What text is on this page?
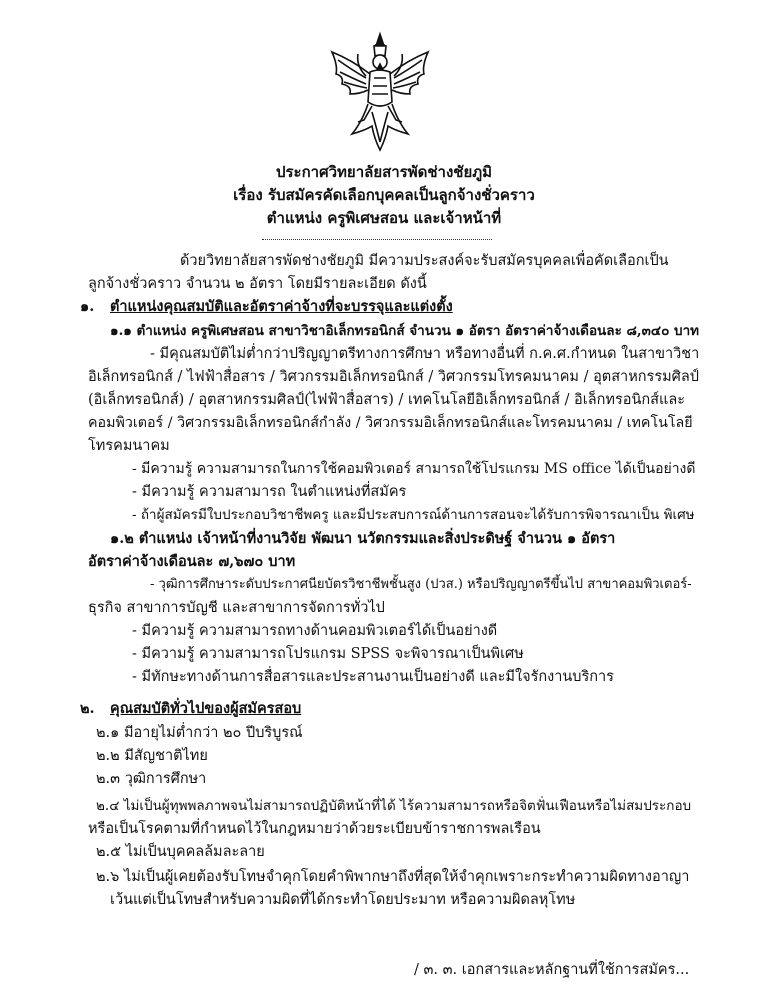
ประกาศวิทยาลัยสารพัดช่างชัยภูมิ
เรื่อง รับสมัครคัดเลือกบุคคลเป็นลูกจ้างชั่วคราว
ตำแหน่ง ครูพิเศษสอน และเจ้าหน้าที่
ด้วยวิทยาลัยสารพัดช่างชัยภูมิ มีความประสงค์จะรับสมัครบุคคลเพื่อคัดเลือกเป็น
ลูกจ้างชั่วคราว จำนวน ๒ อัตรา โดยมีรายละเอียด ดังนี้
๑. ตำแหน่งคุณสมบัติและอัตราค่าจ้างที่จะบรรจุและแต่งตั้ง
๑.๑ ตำแหน่ง ครูพิเศษสอน สาขาวิชาอิเล็กทรอนิกส์ จำนวน ๑ อัตรา อัตราค่าจ้างเดือนละ ๘,๓๔๐ บาท
- มีคุณสมบัติไม่ต่ำกว่าปริญญาตรีทางการศึกษา หรือทางอื่นที่ ก.ค.ศ.กำหนด ในสาขาวิชา
อิเล็กทรอนิกส์ / ไฟฟ้าสื่อสาร / วิศวกรรมอิเล็กทรอนิกส์ / วิศวกรรมโทรคมนาคม / อุตสาหกรรมศิลป์
(อิเล็กทรอนิกส์) / อุตสาหกรรมศิลป์(ไฟฟ้าสื่อสาร) / เทคโนโลยีอิเล็กทรอนิกส์ / อิเล็กทรอนิกส์และ
คอมพิวเตอร์ / วิศวกรรมอิเล็กทรอนิกส์กำลัง / วิศวกรรมอิเล็กทรอนิกส์และโทรคมนาคม / เทคโนโลยี
โทรคมนาคม
- มีความรู้ ความสามารถในการใช้คอมพิวเตอร์ สามารถใช้โปรแกรม MS office ได้เป็นอย่างดี
- มีความรู้ ความสามารถ ในตำแหน่งที่สมัคร
- ถ้าผู้สมัครมีใบประกอบวิชาชีพครู และมีประสบการณ์ด้านการสอนจะได้รับการพิจารณาเป็น พิเศษ
๑.๒ ตำแหน่ง เจ้าหน้าที่งานวิจัย พัฒนา นวัตกรรมและสิ่งประดิษฐ์ จำนวน ๑ อัตรา
อัตราค่าจ้างเดือนละ ๗,๖๗๐ บาท
- วุฒิการศึกษาระดับประกาศนียบัตรวิชาชีพชั้นสูง (ปวส.) หรือปริญญาตรีขึ้นไป สาขาคอมพิวเตอร์-
ธุรกิจ สาขาการบัญชี และสาขาการจัดการทั่วไป
- มีความรู้ ความสามารถทางด้านคอมพิวเตอร์ได้เป็นอย่างดี
- มีความรู้ ความสามารถโปรแกรม SPSS จะพิจารณาเป็นพิเศษ
- มีทักษะทางด้านการสื่อสารและประสานงานเป็นอย่างดี และมีใจรักงานบริการ
๒. คุณสมบัติทั่วไปของผู้สมัครสอบ
๒.๑ มีอายุไม่ต่ำกว่า ๒๐ ปีบริบูรณ์
๒.๒ มีสัญชาติไทย
๒.๓ วุฒิการศึกษา
๒.๔ ไม่เป็นผู้ทุพพลภาพจนไม่สามารถปฏิบัติหน้าที่ได้ ไร้ความสามารถหรือจิตฟั่นเฟือนหรือไม่สมประกอบ
หรือเป็นโรคตามที่กำหนดไว้ในกฎหมายว่าด้วยระเบียบข้าราชการพลเรือน
๒.๕ ไม่เป็นบุคคลล้มละลาย
๒.๖ ไม่เป็นผู้เคยต้องรับโทษจำคุกโดยคำพิพากษาถึงที่สุดให้จำคุกเพราะกระทำความผิดทางอาญา
เว้นแต่เป็นโทษสำหรับความผิดที่ได้กระทำโดยประมาท หรือความผิดลหุโทษ
/ ๓. ๓. เอกสารและหลักฐานที่ใช้การสมัคร...
